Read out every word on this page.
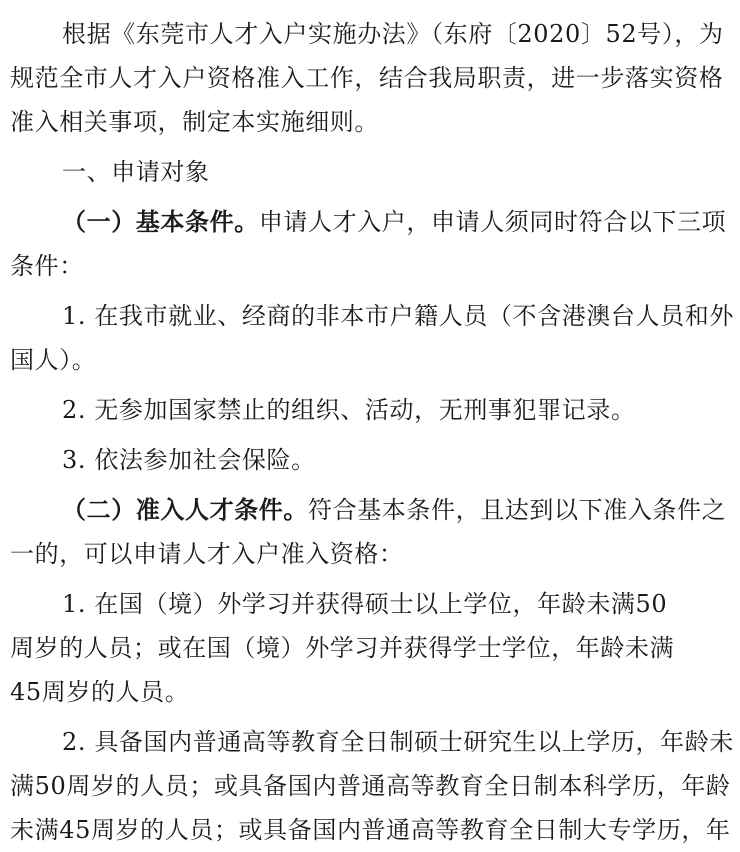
根据《东莞市人才入户实施办法》（东府〔2020〕52号），为
规范全市人才入户资格准入工作，结合我局职责，进一步落实资格
准入相关事项，制定本实施细则。
一、申请对象
（一）基本条件。申请人才入户，申请人须同时符合以下三项
条件：
1. 在我市就业、经商的非本市户籍人员（不含港澳台人员和外
国人）。
2. 无参加国家禁止的组织、活动，无刑事犯罪记录。
3. 依法参加社会保险。
（二）准入人才条件。符合基本条件，且达到以下准入条件之
一的，可以申请人才入户准入资格：
1. 在国（境）外学习并获得硕士以上学位，年龄未满50
周岁的人员；或在国（境）外学习并获得学士学位，年龄未满
45周岁的人员。
2. 具备国内普通高等教育全日制硕士研究生以上学历，年龄未
满50周岁的人员；或具备国内普通高等教育全日制本科学历，年龄
未满45周岁的人员；或具备国内普通高等教育全日制大专学历，年
